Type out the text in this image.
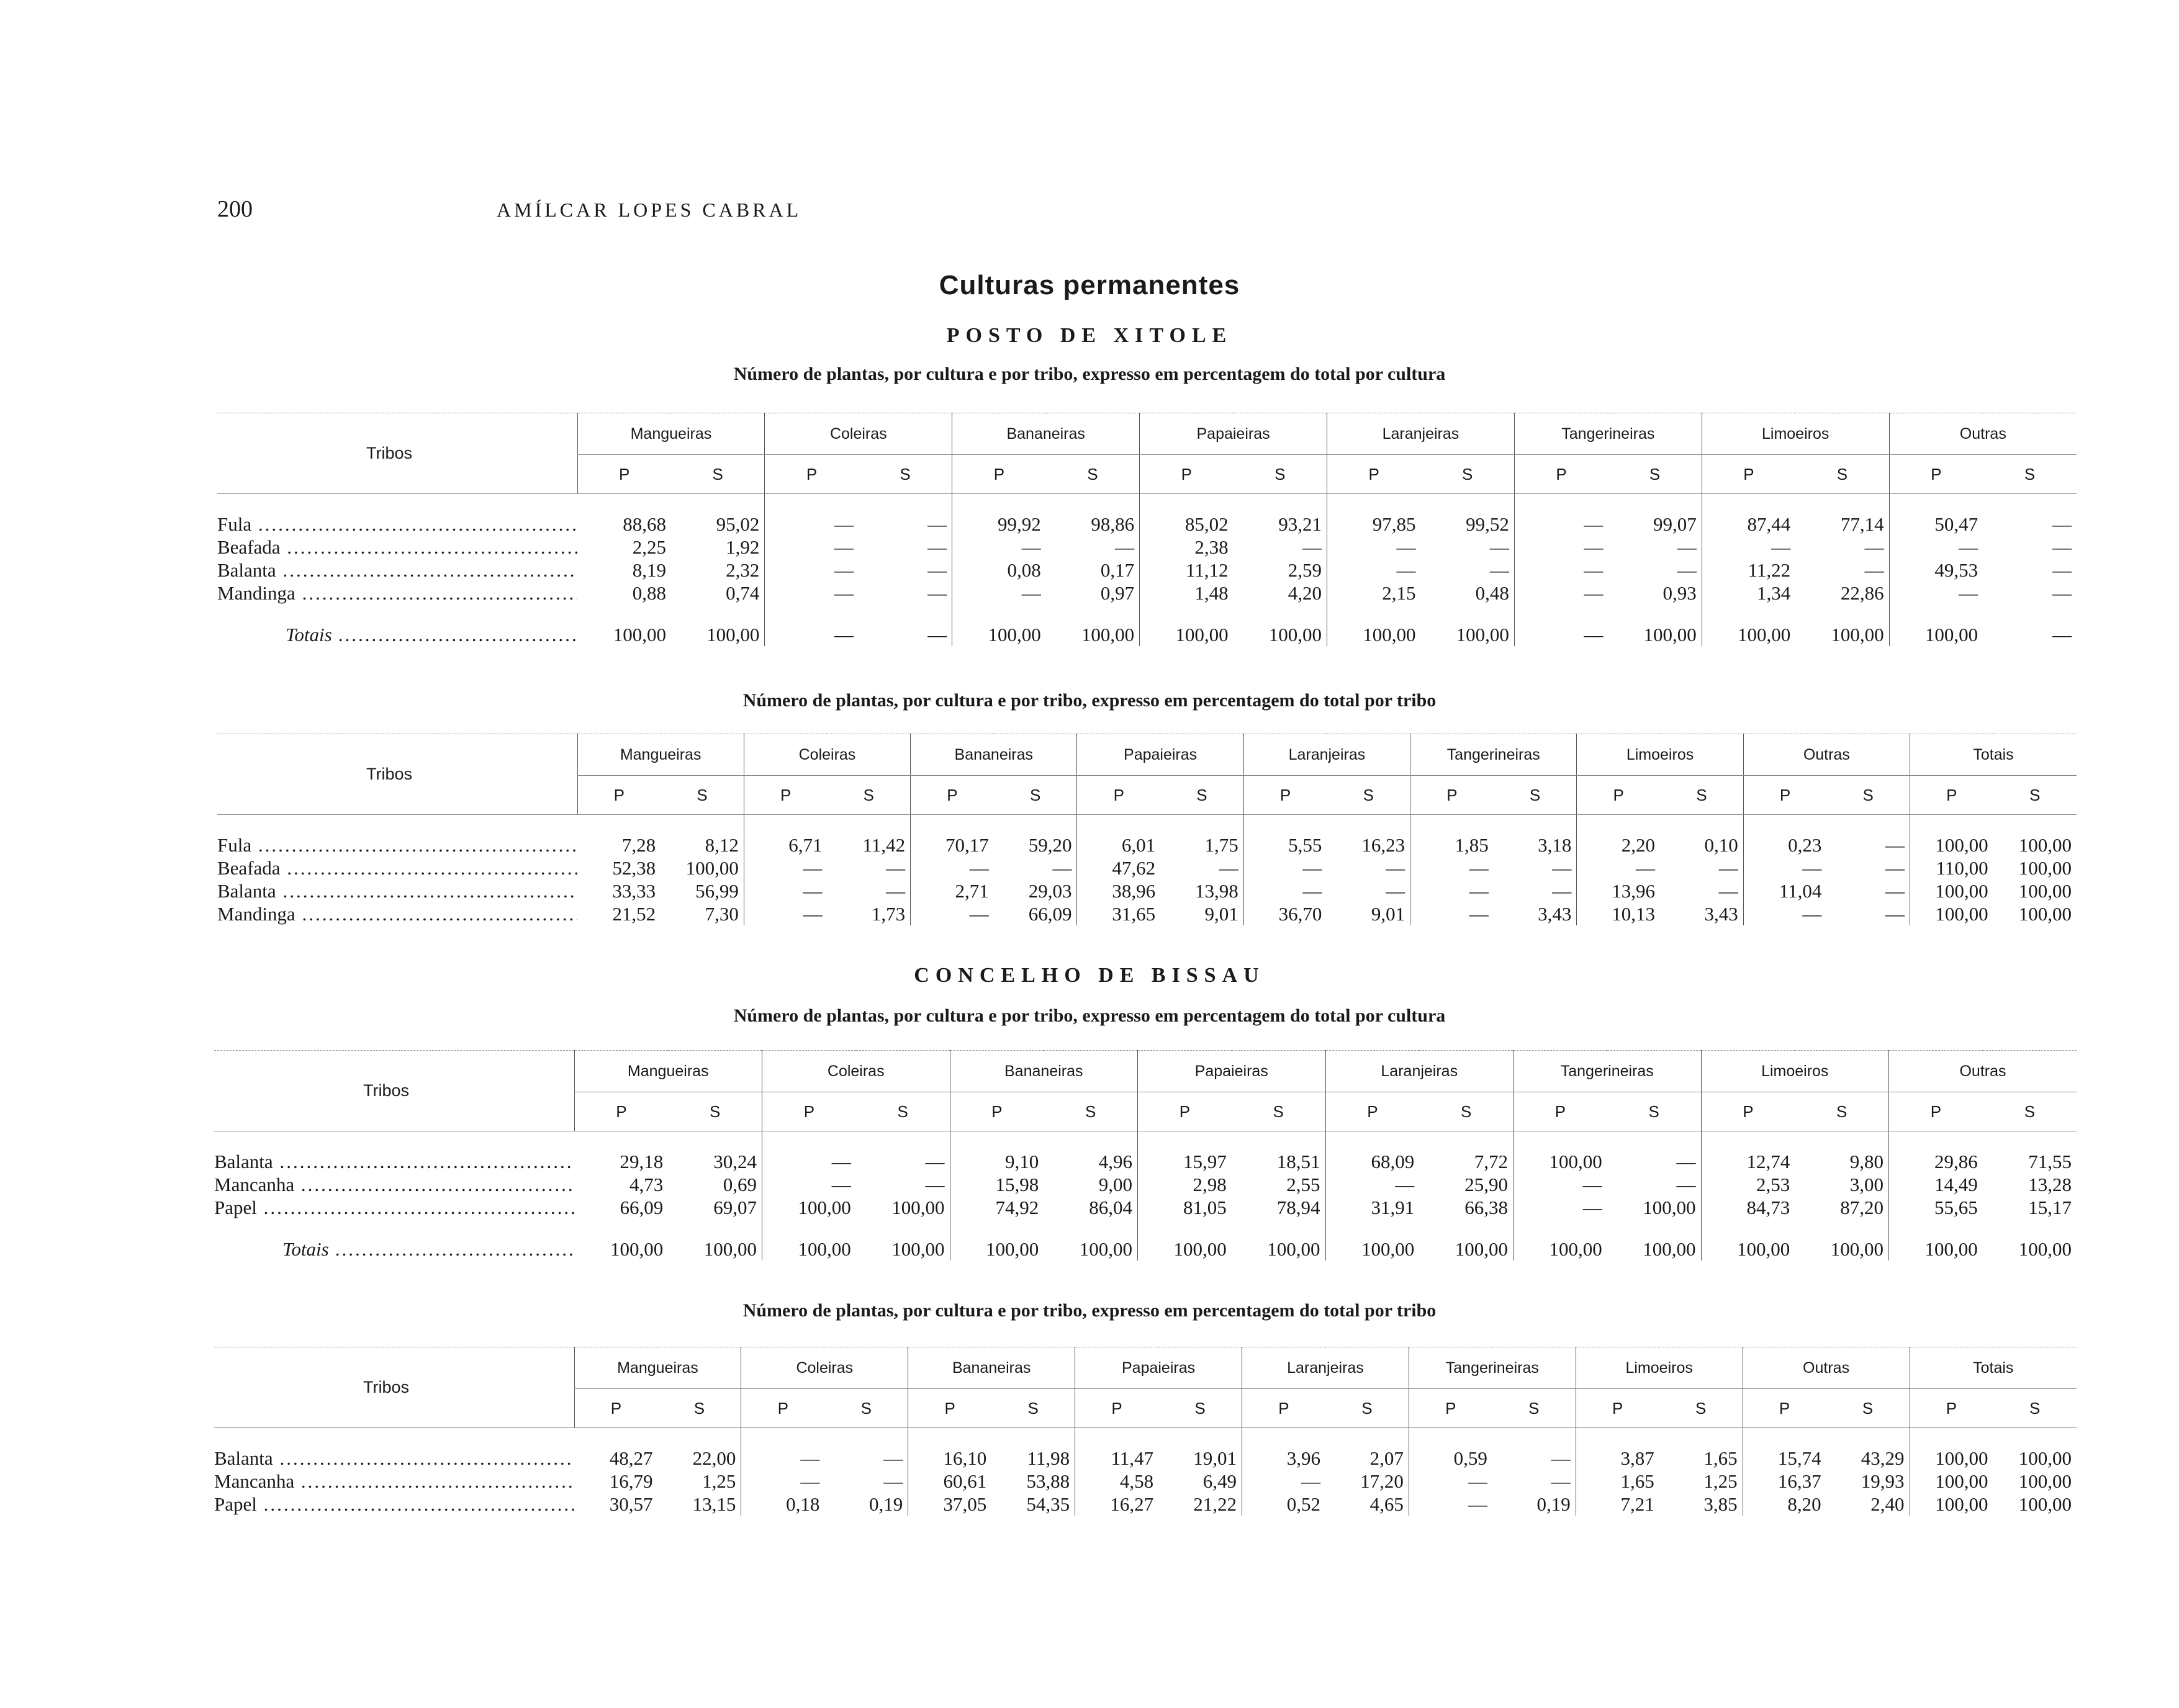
200	AMÍLCAR LOPES CABRAL
Culturas permanentes
POSTO DE XITOLE
Número de plantas, por cultura e por tribo, expresso em percentagem do total por cultura
Tribos	Mangueiras		Coleiras		Bananeiras		Papaieiras		Laranjeiras		Tangerineiras		Limoeiros		Outras	
	P	S	P	S	P	S	P	S	P	S	P	S	P	S	P	S
Fula .....	88,68	95,02	—	—	99,92	98,86	85,02	93,21	97,85	99,52	—	99,07	87,44	77,14	50,47	—
Beafada .....	2,25	1,92	—	—	—	—	2,38	—	—	—	—	—	—	—	—	—
Balanta .....	8,19	2,32	—	—	0,08	0,17	11,12	2,59	—	—	—	—	11,22	—	49,53	—
Mandinga .....	0,88	0,74	—	—	—	0,97	1,48	4,20	2,15	0,48	—	0,93	1,34	22,86	—	—
Totais .....	100,00	100,00	—	—	100,00	100,00	100,00	100,00	100,00	100,00	—	100,00	100,00	100,00	100,00	—
Número de plantas, por cultura e por tribo, expresso em percentagem do total por tribo
Tribos	Mangueiras		Coleiras		Bananeiras		Papaieiras		Laranjeiras		Tangerineiras		Limoeiros		Outras		Totais	
	P	S	P	S	P	S	P	S	P	S	P	S	P	S	P	S	P	S
Fula .....	7,28	8,12	6,71	11,42	70,17	59,20	6,01	1,75	5,55	16,23	1,85	3,18	2,20	0,10	0,23	—	100,00	100,00
Beafada .....	52,38	100,00	—	—	—	—	47,62	—	—	—	—	—	—	—	—	—	110,00	100,00
Balanta .....	33,33	56,99	—	—	2,71	29,03	38,96	13,98	—	—	—	—	13,96	—	11,04	—	100,00	100,00
Mandinga .....	21,52	7,30	—	1,73	—	66,09	31,65	9,01	36,70	9,01	—	3,43	10,13	3,43	—	—	100,00	100,00
CONCELHO DE BISSAU
Número de plantas, por cultura e por tribo, expresso em percentagem do total por cultura
Tribos	Mangueiras		Coleiras		Bananeiras		Papaieiras		Laranjeiras		Tangerineiras		Limoeiros		Outras	
	P	S	P	S	P	S	P	S	P	S	P	S	P	S	P	S
Balanta .....	29,18	30,24	—	—	9,10	4,96	15,97	18,51	68,09	7,72	100,00	—	12,74	9,80	29,86	71,55
Mancanha .....	4,73	0,69	—	—	15,98	9,00	2,98	2,55	—	25,90	—	—	2,53	3,00	14,49	13,28
Papel .....	66,09	69,07	100,00	100,00	74,92	86,04	81,05	78,94	31,91	66,38	—	100,00	84,73	87,20	55,65	15,17
Totais .....	100,00	100,00	100,00	100,00	100,00	100,00	100,00	100,00	100,00	100,00	100,00	100,00	100,00	100,00	100,00	100,00
Número de plantas, por cultura e por tribo, expresso em percentagem do total por tribo
Tribos	Mangueiras		Coleiras		Bananeiras		Papaieiras		Laranjeiras		Tangerineiras		Limoeiros		Outras		Totais	
	P	S	P	S	P	S	P	S	P	S	P	S	P	S	P	S	P	S
Balanta .....	48,27	22,00	—	—	16,10	11,98	11,47	19,01	3,96	2,07	0,59	—	3,87	1,65	15,74	43,29	100,00	100,00
Mancanha .....	16,79	1,25	—	—	60,61	53,88	4,58	6,49	—	17,20	—	—	1,65	1,25	16,37	19,93	100,00	100,00
Papel .....	30,57	13,15	0,18	0,19	37,05	54,35	16,27	21,22	0,52	4,65	—	0,19	7,21	3,85	8,20	2,40	100,00	100,00
